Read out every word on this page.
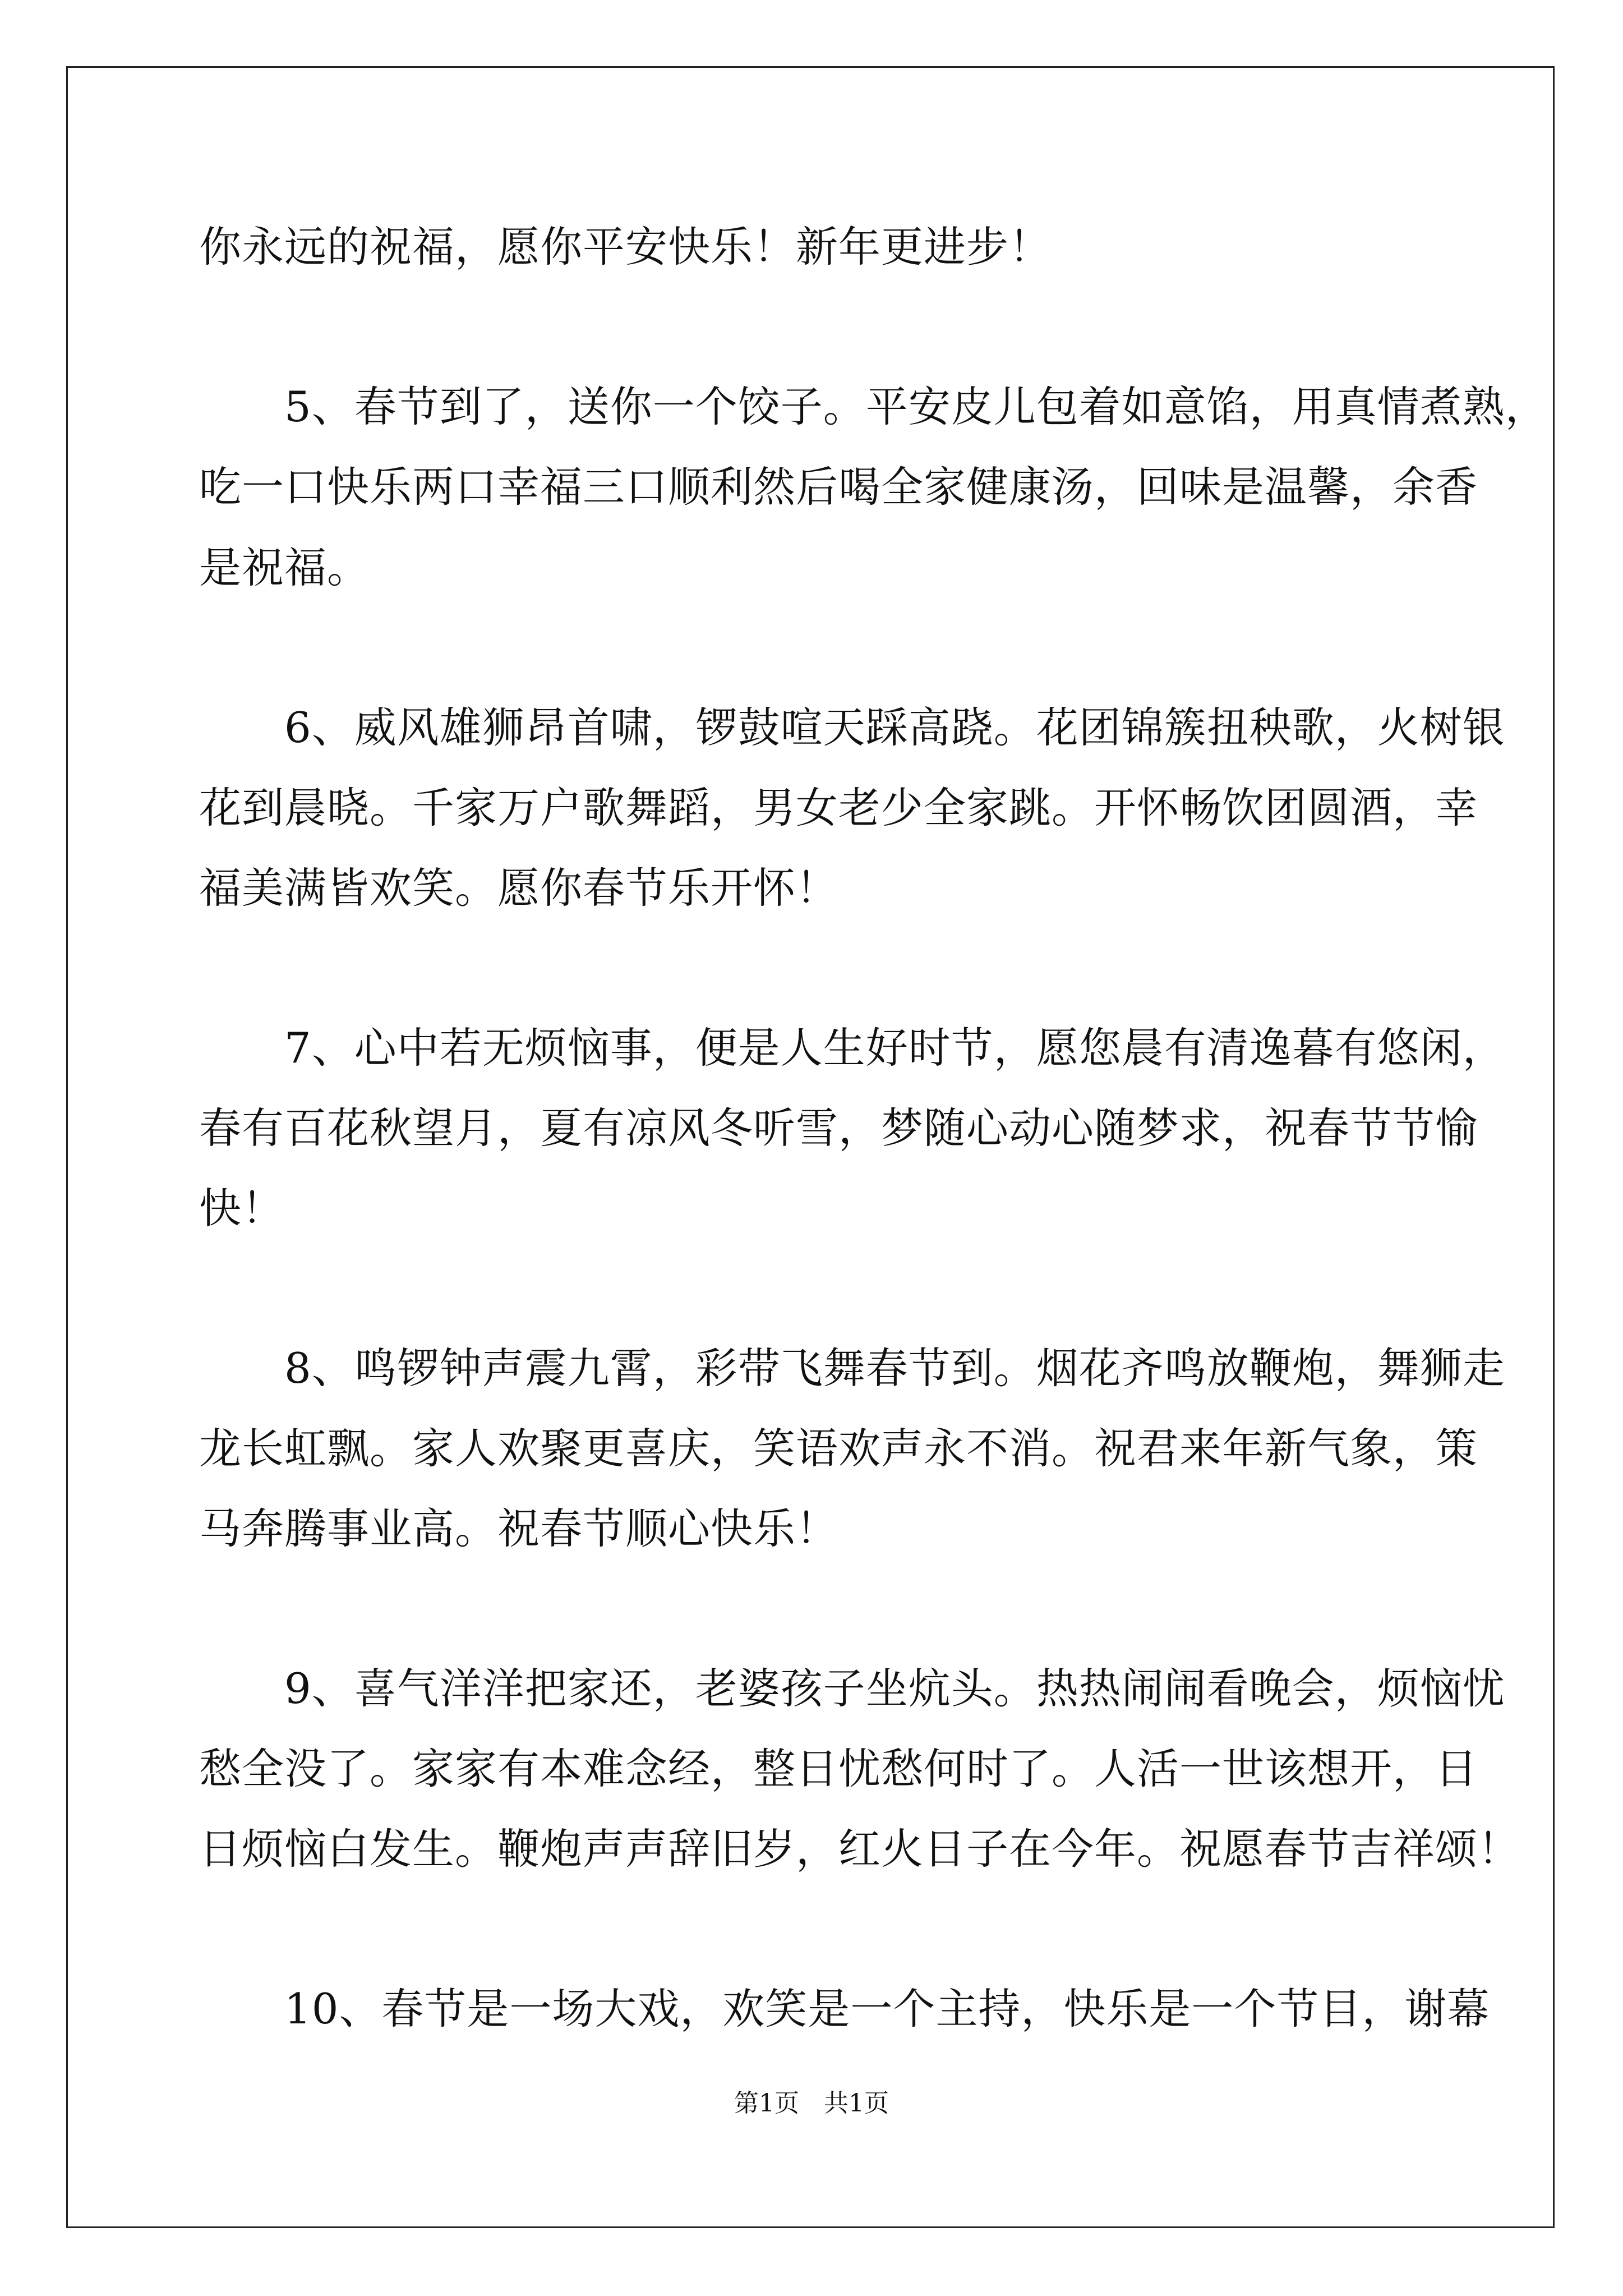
你永远的祝福，愿你平安快乐！新年更进步！
　　5、春节到了，送你一个饺子。平安皮儿包着如意馅，用真情煮熟，
吃一口快乐两口幸福三口顺利然后喝全家健康汤，回味是温馨，余香
是祝福。
　　6、威风雄狮昂首啸，锣鼓喧天踩高跷。花团锦簇扭秧歌，火树银
花到晨晓。千家万户歌舞蹈，男女老少全家跳。开怀畅饮团圆酒，幸
福美满皆欢笑。愿你春节乐开怀！
　　7、心中若无烦恼事，便是人生好时节，愿您晨有清逸暮有悠闲，
春有百花秋望月，夏有凉风冬听雪，梦随心动心随梦求，祝春节节愉
快！
　　8、鸣锣钟声震九霄，彩带飞舞春节到。烟花齐鸣放鞭炮，舞狮走
龙长虹飘。家人欢聚更喜庆，笑语欢声永不消。祝君来年新气象，策
马奔腾事业高。祝春节顺心快乐！
　　9、喜气洋洋把家还，老婆孩子坐炕头。热热闹闹看晚会，烦恼忧
愁全没了。家家有本难念经，整日忧愁何时了。人活一世该想开，日
日烦恼白发生。鞭炮声声辞旧岁，红火日子在今年。祝愿春节吉祥颂！
　　10、春节是一场大戏，欢笑是一个主持，快乐是一个节目，谢幕
第1页　共1页
